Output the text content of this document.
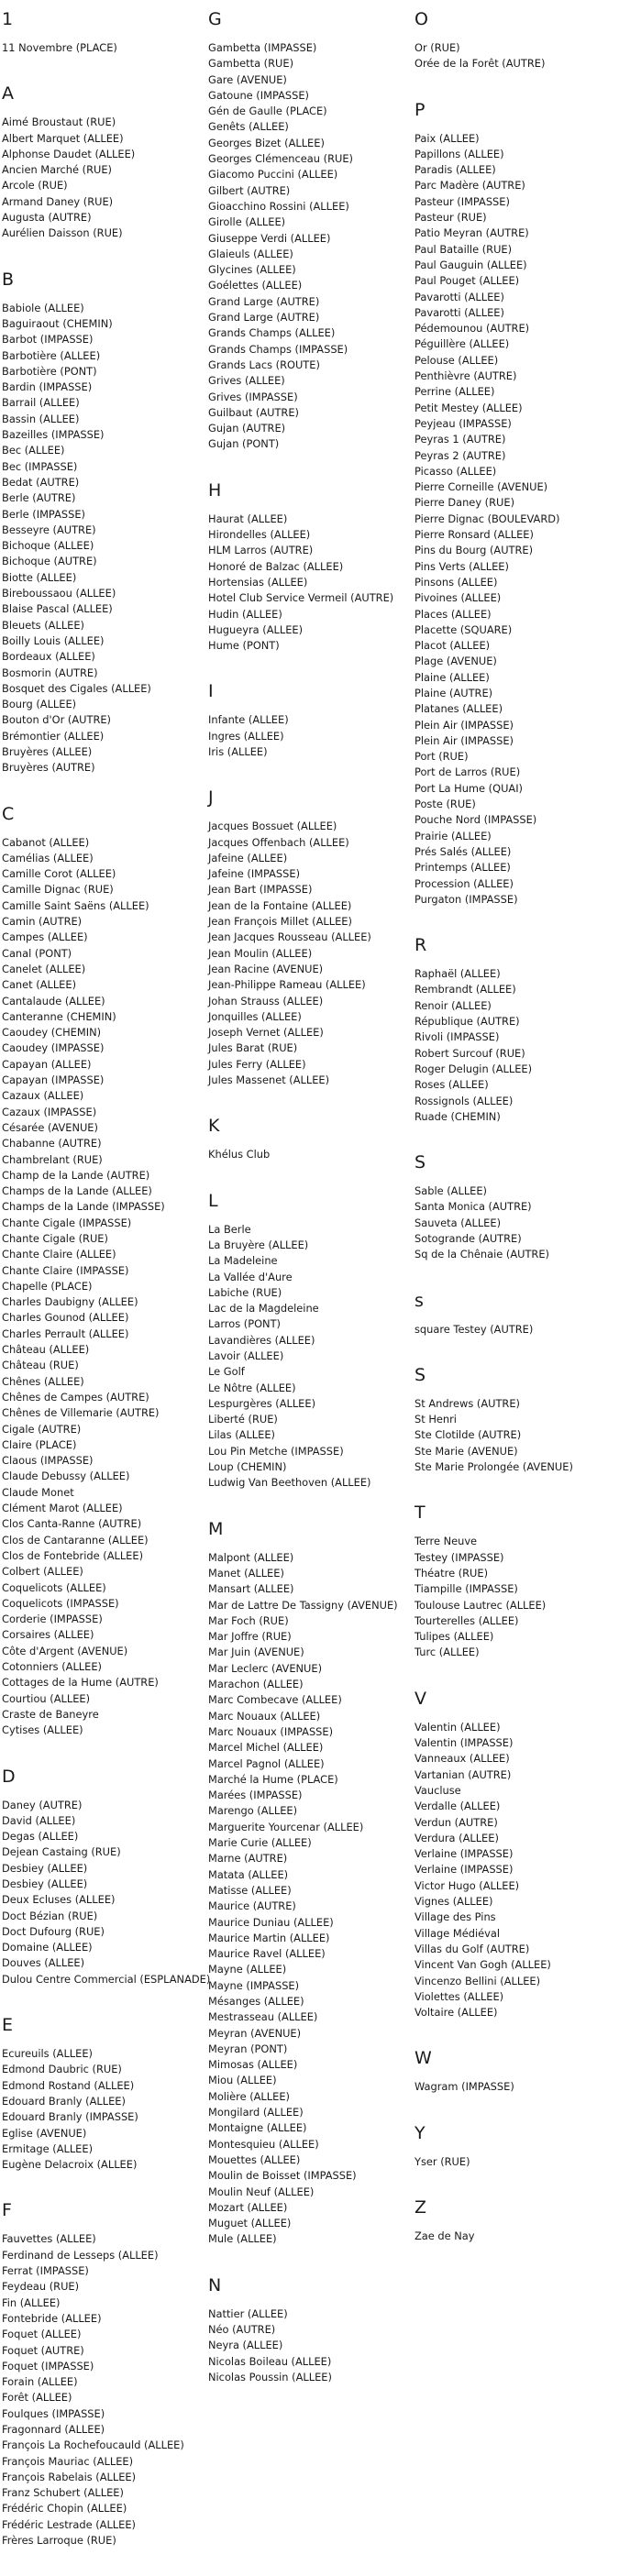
1
11 Novembre (PLACE)
A
Aimé Broustaut (RUE)
Albert Marquet (ALLEE)
Alphonse Daudet (ALLEE)
Ancien Marché (RUE)
Arcole (RUE)
Armand Daney (RUE)
Augusta (AUTRE)
Aurélien Daisson (RUE)
B
Babiole (ALLEE)
Baguiraout (CHEMIN)
Barbot (IMPASSE)
Barbotière (ALLEE)
Barbotière (PONT)
Bardin (IMPASSE)
Barrail (ALLEE)
Bassin (ALLEE)
Bazeilles (IMPASSE)
Bec (ALLEE)
Bec (IMPASSE)
Bedat (AUTRE)
Berle (AUTRE)
Berle (IMPASSE)
Besseyre (AUTRE)
Bichoque (ALLEE)
Bichoque (AUTRE)
Biotte (ALLEE)
Bireboussaou (ALLEE)
Blaise Pascal (ALLEE)
Bleuets (ALLEE)
Boilly Louis (ALLEE)
Bordeaux (ALLEE)
Bosmorin (AUTRE)
Bosquet des Cigales (ALLEE)
Bourg (ALLEE)
Bouton d'Or (AUTRE)
Brémontier (ALLEE)
Bruyères (ALLEE)
Bruyères (AUTRE)
C
Cabanot (ALLEE)
Camélias (ALLEE)
Camille Corot (ALLEE)
Camille Dignac (RUE)
Camille Saint Saëns (ALLEE)
Camin (AUTRE)
Campes (ALLEE)
Canal (PONT)
Canelet (ALLEE)
Canet (ALLEE)
Cantalaude (ALLEE)
Canteranne (CHEMIN)
Caoudey (CHEMIN)
Caoudey (IMPASSE)
Capayan (ALLEE)
Capayan (IMPASSE)
Cazaux (ALLEE)
Cazaux (IMPASSE)
Césarée (AVENUE)
Chabanne (AUTRE)
Chambrelant (RUE)
Champ de la Lande (AUTRE)
Champs de la Lande (ALLEE)
Champs de la Lande (IMPASSE)
Chante Cigale (IMPASSE)
Chante Cigale (RUE)
Chante Claire (ALLEE)
Chante Claire (IMPASSE)
Chapelle (PLACE)
Charles Daubigny (ALLEE)
Charles Gounod (ALLEE)
Charles Perrault (ALLEE)
Château (ALLEE)
Château (RUE)
Chênes (ALLEE)
Chênes de Campes (AUTRE)
Chênes de Villemarie (AUTRE)
Cigale (AUTRE)
Claire (PLACE)
Claous (IMPASSE)
Claude Debussy (ALLEE)
Claude Monet
Clément Marot (ALLEE)
Clos Canta-Ranne (AUTRE)
Clos de Cantaranne (ALLEE)
Clos de Fontebride (ALLEE)
Colbert (ALLEE)
Coquelicots (ALLEE)
Coquelicots (IMPASSE)
Corderie (IMPASSE)
Corsaires (ALLEE)
Côte d'Argent (AVENUE)
Cotonniers (ALLEE)
Cottages de la Hume (AUTRE)
Courtiou (ALLEE)
Craste de Baneyre
Cytises (ALLEE)
D
Daney (AUTRE)
David (ALLEE)
Degas (ALLEE)
Dejean Castaing (RUE)
Desbiey (ALLEE)
Desbiey (ALLEE)
Deux Ecluses (ALLEE)
Doct Bézian (RUE)
Doct Dufourg (RUE)
Domaine (ALLEE)
Douves (ALLEE)
Dulou Centre Commercial (ESPLANADE)
E
Ecureuils (ALLEE)
Edmond Daubric (RUE)
Edmond Rostand (ALLEE)
Edouard Branly (ALLEE)
Edouard Branly (IMPASSE)
Eglise (AVENUE)
Ermitage (ALLEE)
Eugène Delacroix (ALLEE)
F
Fauvettes (ALLEE)
Ferdinand de Lesseps (ALLEE)
Ferrat (IMPASSE)
Feydeau (RUE)
Fin (ALLEE)
Fontebride (ALLEE)
Foquet (ALLEE)
Foquet (AUTRE)
Foquet (IMPASSE)
Forain (ALLEE)
Forêt (ALLEE)
Foulques (IMPASSE)
Fragonnard (ALLEE)
François La Rochefoucauld (ALLEE)
François Mauriac (ALLEE)
François Rabelais (ALLEE)
Franz Schubert (ALLEE)
Frédéric Chopin (ALLEE)
Frédéric Lestrade (ALLEE)
Frères Larroque (RUE)
G
Gambetta (IMPASSE)
Gambetta (RUE)
Gare (AVENUE)
Gatoune (IMPASSE)
Gén de Gaulle (PLACE)
Genêts (ALLEE)
Georges Bizet (ALLEE)
Georges Clémenceau (RUE)
Giacomo Puccini (ALLEE)
Gilbert (AUTRE)
Gioacchino Rossini (ALLEE)
Girolle (ALLEE)
Giuseppe Verdi (ALLEE)
Glaieuls (ALLEE)
Glycines (ALLEE)
Goélettes (ALLEE)
Grand Large (AUTRE)
Grand Large (AUTRE)
Grands Champs (ALLEE)
Grands Champs (IMPASSE)
Grands Lacs (ROUTE)
Grives (ALLEE)
Grives (IMPASSE)
Guilbaut (AUTRE)
Gujan (AUTRE)
Gujan (PONT)
H
Haurat (ALLEE)
Hirondelles (ALLEE)
HLM Larros (AUTRE)
Honoré de Balzac (ALLEE)
Hortensias (ALLEE)
Hotel Club Service Vermeil (AUTRE)
Hudin (ALLEE)
Hugueyra (ALLEE)
Hume (PONT)
I
Infante (ALLEE)
Ingres (ALLEE)
Iris (ALLEE)
J
Jacques Bossuet (ALLEE)
Jacques Offenbach (ALLEE)
Jafeine (ALLEE)
Jafeine (IMPASSE)
Jean Bart (IMPASSE)
Jean de la Fontaine (ALLEE)
Jean François Millet (ALLEE)
Jean Jacques Rousseau (ALLEE)
Jean Moulin (ALLEE)
Jean Racine (AVENUE)
Jean-Philippe Rameau (ALLEE)
Johan Strauss (ALLEE)
Jonquilles (ALLEE)
Joseph Vernet (ALLEE)
Jules Barat (RUE)
Jules Ferry (ALLEE)
Jules Massenet (ALLEE)
K
Khélus Club
L
La Berle
La Bruyère (ALLEE)
La Madeleine
La Vallée d'Aure
Labiche (RUE)
Lac de la Magdeleine
Larros (PONT)
Lavandières (ALLEE)
Lavoir (ALLEE)
Le Golf
Le Nôtre (ALLEE)
Lespurgères (ALLEE)
Liberté (RUE)
Lilas (ALLEE)
Lou Pin Metche (IMPASSE)
Loup (CHEMIN)
Ludwig Van Beethoven (ALLEE)
M
Malpont (ALLEE)
Manet (ALLEE)
Mansart (ALLEE)
Mar de Lattre De Tassigny (AVENUE)
Mar Foch (RUE)
Mar Joffre (RUE)
Mar Juin (AVENUE)
Mar Leclerc (AVENUE)
Marachon (ALLEE)
Marc Combecave (ALLEE)
Marc Nouaux (ALLEE)
Marc Nouaux (IMPASSE)
Marcel Michel (ALLEE)
Marcel Pagnol (ALLEE)
Marché la Hume (PLACE)
Marées (IMPASSE)
Marengo (ALLEE)
Marguerite Yourcenar (ALLEE)
Marie Curie (ALLEE)
Marne (AUTRE)
Matata (ALLEE)
Matisse (ALLEE)
Maurice (AUTRE)
Maurice Duniau (ALLEE)
Maurice Martin (ALLEE)
Maurice Ravel (ALLEE)
Mayne (ALLEE)
Mayne (IMPASSE)
Mésanges (ALLEE)
Mestrasseau (ALLEE)
Meyran (AVENUE)
Meyran (PONT)
Mimosas (ALLEE)
Miou (ALLEE)
Molière (ALLEE)
Mongilard (ALLEE)
Montaigne (ALLEE)
Montesquieu (ALLEE)
Mouettes (ALLEE)
Moulin de Boisset (IMPASSE)
Moulin Neuf (ALLEE)
Mozart (ALLEE)
Muguet (ALLEE)
Mule (ALLEE)
N
Nattier (ALLEE)
Néo (AUTRE)
Neyra (ALLEE)
Nicolas Boileau (ALLEE)
Nicolas Poussin (ALLEE)
O
Or (RUE)
Orée de la Forêt (AUTRE)
P
Paix (ALLEE)
Papillons (ALLEE)
Paradis (ALLEE)
Parc Madère (AUTRE)
Pasteur (IMPASSE)
Pasteur (RUE)
Patio Meyran (AUTRE)
Paul Bataille (RUE)
Paul Gauguin (ALLEE)
Paul Pouget (ALLEE)
Pavarotti (ALLEE)
Pavarotti (ALLEE)
Pédemounou (AUTRE)
Péguillère (ALLEE)
Pelouse (ALLEE)
Penthièvre (AUTRE)
Perrine (ALLEE)
Petit Mestey (ALLEE)
Peyjeau (IMPASSE)
Peyras 1 (AUTRE)
Peyras 2 (AUTRE)
Picasso (ALLEE)
Pierre Corneille (AVENUE)
Pierre Daney (RUE)
Pierre Dignac (BOULEVARD)
Pierre Ronsard (ALLEE)
Pins du Bourg (AUTRE)
Pins Verts (ALLEE)
Pinsons (ALLEE)
Pivoines (ALLEE)
Places (ALLEE)
Placette (SQUARE)
Placot (ALLEE)
Plage (AVENUE)
Plaine (ALLEE)
Plaine (AUTRE)
Platanes (ALLEE)
Plein Air (IMPASSE)
Plein Air (IMPASSE)
Port (RUE)
Port de Larros (RUE)
Port La Hume (QUAI)
Poste (RUE)
Pouche Nord (IMPASSE)
Prairie (ALLEE)
Prés Salés (ALLEE)
Printemps (ALLEE)
Procession (ALLEE)
Purgaton (IMPASSE)
R
Raphaël (ALLEE)
Rembrandt (ALLEE)
Renoir (ALLEE)
République (AUTRE)
Rivoli (IMPASSE)
Robert Surcouf (RUE)
Roger Delugin (ALLEE)
Roses (ALLEE)
Rossignols (ALLEE)
Ruade (CHEMIN)
S
Sable (ALLEE)
Santa Monica (AUTRE)
Sauveta (ALLEE)
Sotogrande (AUTRE)
Sq de la Chênaie (AUTRE)
s
square Testey (AUTRE)
S
St Andrews (AUTRE)
St Henri
Ste Clotilde (AUTRE)
Ste Marie (AVENUE)
Ste Marie Prolongée (AVENUE)
T
Terre Neuve
Testey (IMPASSE)
Théatre (RUE)
Tiampille (IMPASSE)
Toulouse Lautrec (ALLEE)
Tourterelles (ALLEE)
Tulipes (ALLEE)
Turc (ALLEE)
V
Valentin (ALLEE)
Valentin (IMPASSE)
Vanneaux (ALLEE)
Vartanian (AUTRE)
Vaucluse
Verdalle (ALLEE)
Verdun (AUTRE)
Verdura (ALLEE)
Verlaine (IMPASSE)
Verlaine (IMPASSE)
Victor Hugo (ALLEE)
Vignes (ALLEE)
Village des Pins
Village Médiéval
Villas du Golf (AUTRE)
Vincent Van Gogh (ALLEE)
Vincenzo Bellini (ALLEE)
Violettes (ALLEE)
Voltaire (ALLEE)
W
Wagram (IMPASSE)
Y
Yser (RUE)
Z
Zae de Nay
